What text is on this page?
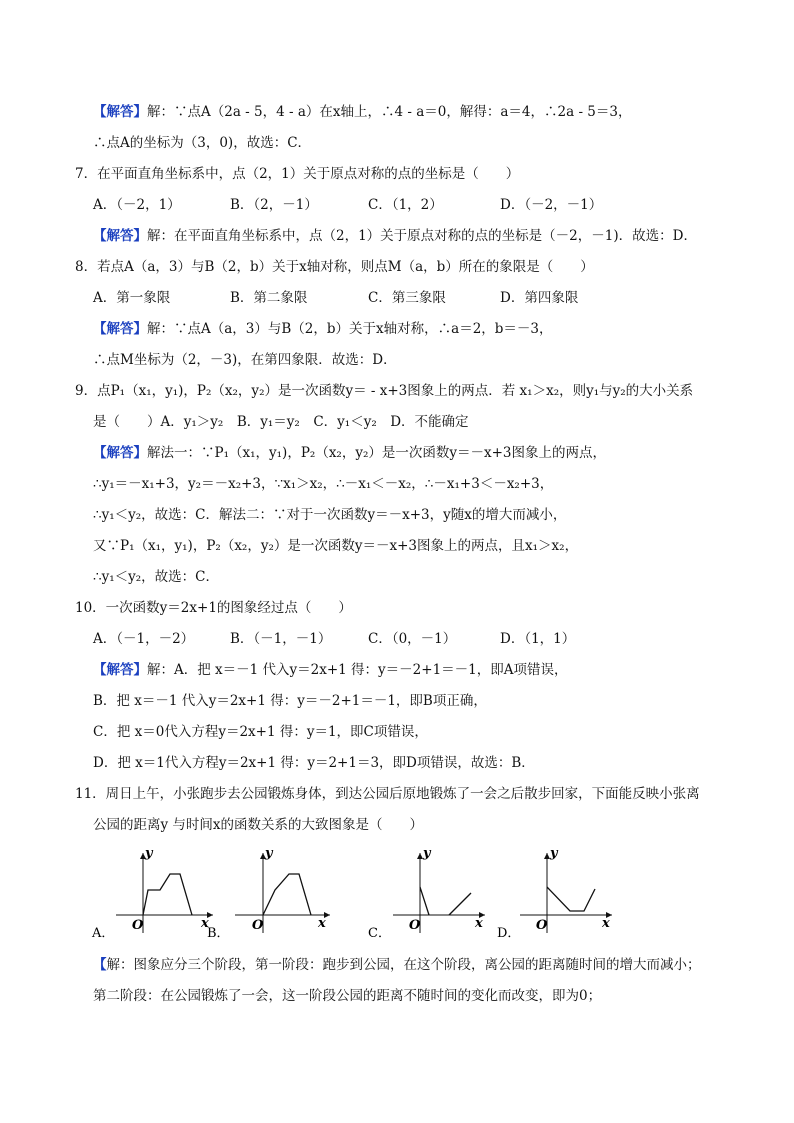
【解答】解：∵点A（2a - 5，4 - a）在x轴上，∴4 - a＝0，解得：a＝4，∴2a - 5＝3，
∴点A的坐标为（3，0)，故选：C．
7．在平面直角坐标系中，点（2，1）关于原点对称的点的坐标是（　　）
A．（－2，1）	B．（2，－1）	C．（1，2）	D．（－2，－1）
【解答】解：在平面直角坐标系中，点（2，1）关于原点对称的点的坐标是（－2，－1)．故选：D．
8．若点A（a，3）与B（2，b）关于x轴对称，则点M（a，b）所在的象限是（　　）
A．第一象限	B．第二象限	C．第三象限	D．第四象限
【解答】解：∵点A（a，3）与B（2，b）关于x轴对称，∴a＝2，b＝－3，
∴点M坐标为（2，－3)，在第四象限．故选：D．
9．点P₁（x₁，y₁)，P₂（x₂，y₂）是一次函数y＝ - x+3图象上的两点．若 x₁＞x₂，则y₁与y₂的大小关系
是（　　）A．y₁＞y₂　B．y₁＝y₂　C．y₁＜y₂　D．不能确定
【解答】解法一：∵P₁（x₁，y₁)，P₂（x₂，y₂）是一次函数y＝－x+3图象上的两点，
∴y₁＝－x₁+3，y₂＝－x₂+3，∵x₁＞x₂，∴－x₁＜－x₂，∴－x₁+3＜－x₂+3，
∴y₁＜y₂，故选：C．解法二：∵对于一次函数y＝－x+3，y随x的增大而减小，
又∵P₁（x₁，y₁)，P₂（x₂，y₂）是一次函数y＝－x+3图象上的两点，且x₁＞x₂，
∴y₁＜y₂，故选：C．
10．一次函数y＝2x+1的图象经过点（　　）
A．（－1，－2）	B．（－1，－1）	C．（0，－1）	D．（1，1）
【解答】解：A．把 x＝－1 代入y＝2x+1 得：y＝－2+1＝－1，即A项错误，
B．把 x＝－1 代入y＝2x+1 得：y＝－2+1＝－1，即B项正确，
C．把 x＝0代入方程y＝2x+1 得：y＝1，即C项错误，
D．把 x＝1代入方程y＝2x+1 得：y＝2+1＝3，即D项错误，故选：B．
11．周日上午，小张跑步去公园锻炼身体，到达公园后原地锻炼了一会之后散步回家，下面能反映小张离
公园的距离y 与时间x的函数关系的大致图象是（　　）
y
x
O
A．
y
x
O
B．
y
x
O
C．
y
x
O
D．
【解：图象应分三个阶段，第一阶段：跑步到公园，在这个阶段，离公园的距离随时间的增大而减小；
第二阶段：在公园锻炼了一会，这一阶段公园的距离不随时间的变化而改变，即为0；
